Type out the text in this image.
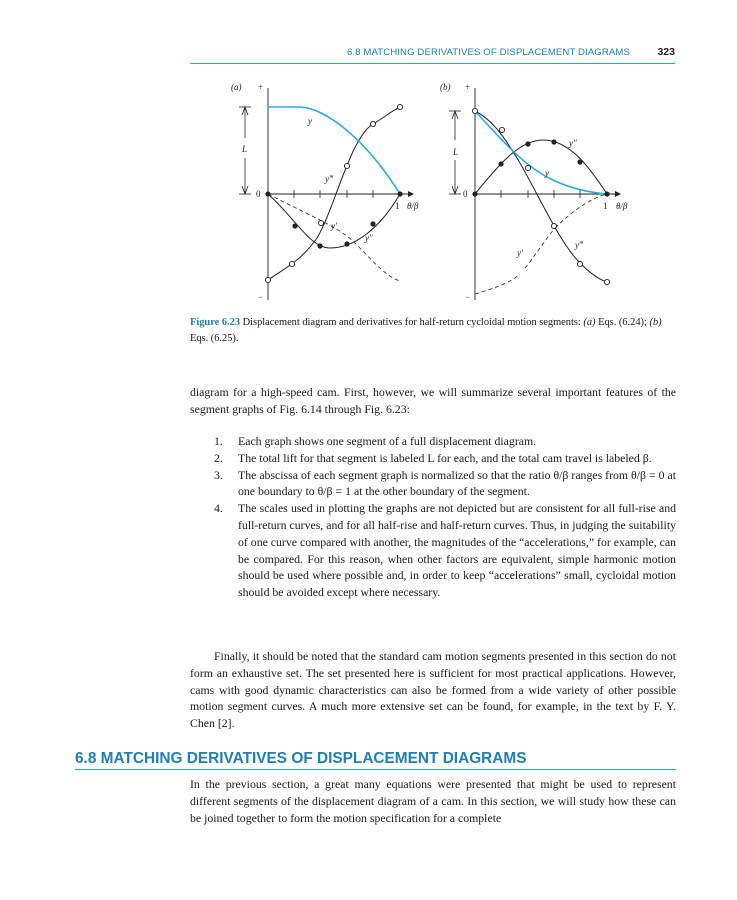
6.8 MATCHING DERIVATIVES OF DISPLACEMENT DIAGRAMS	323
(a) +
−
L
0
1 θ/β
y
y‴
y′
y″
(b) +
−
L
0
1 θ/β
y″
y
y′
y‴
Figure 6.23 Displacement diagram and derivatives for half-return cycloidal motion segments: (a) Eqs. (6.24); (b) Eqs. (6.25).

diagram for a high-speed cam. First, however, we will summarize several important features of the segment graphs of Fig. 6.14 through Fig. 6.23:

1. Each graph shows one segment of a full displacement diagram.
2. The total lift for that segment is labeled L for each, and the total cam travel is labeled β.
3. The abscissa of each segment graph is normalized so that the ratio θ/β ranges from θ/β = 0 at one boundary to θ/β = 1 at the other boundary of the segment.
4. The scales used in plotting the graphs are not depicted but are consistent for all full-rise and full-return curves, and for all half-rise and half-return curves. Thus, in judging the suitability of one curve compared with another, the magnitudes of the “accelerations,” for example, can be compared. For this reason, when other factors are equivalent, simple harmonic motion should be used where possible and, in order to keep “accelerations” small, cycloidal motion should be avoided except where necessary.

Finally, it should be noted that the standard cam motion segments presented in this section do not form an exhaustive set. The set presented here is sufficient for most practical applications. However, cams with good dynamic characteristics can also be formed from a wide variety of other possible motion segment curves. A much more extensive set can be found, for example, in the text by F. Y. Chen [2].

6.8 MATCHING DERIVATIVES OF DISPLACEMENT DIAGRAMS

In the previous section, a great many equations were presented that might be used to represent different segments of the displacement diagram of a cam. In this section, we will study how these can be joined together to form the motion specification for a complete
